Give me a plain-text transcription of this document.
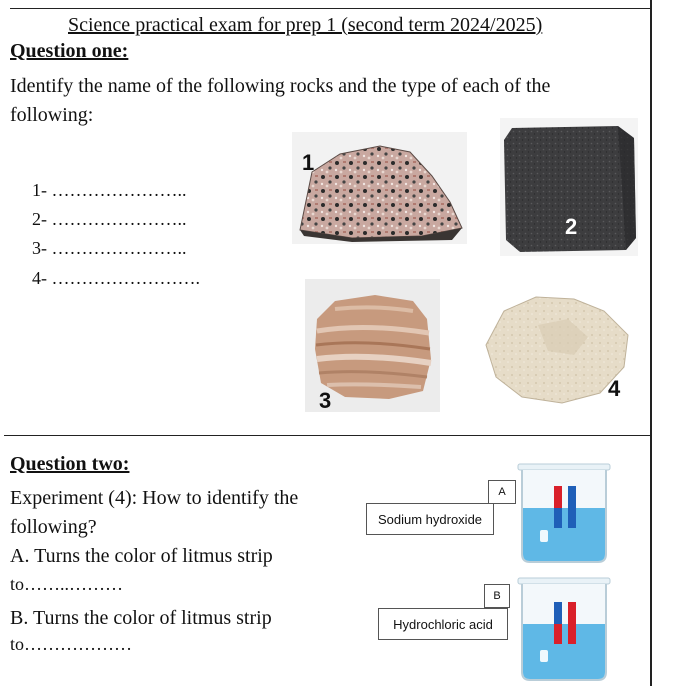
Science practical exam for prep 1 (second term 2024/2025)
Question one:
Identify the name of the following rocks and the type of each of the following:
1- …………………..
2- …………………..
3- …………………..
4- …………………….
1
2
3	4
Question two:
Experiment (4): How to identify the following?
A. Turns the color of litmus strip
to……..………
B. Turns the color of litmus strip
to………………
A
Sodium hydroxide
B
Hydrochloric acid
